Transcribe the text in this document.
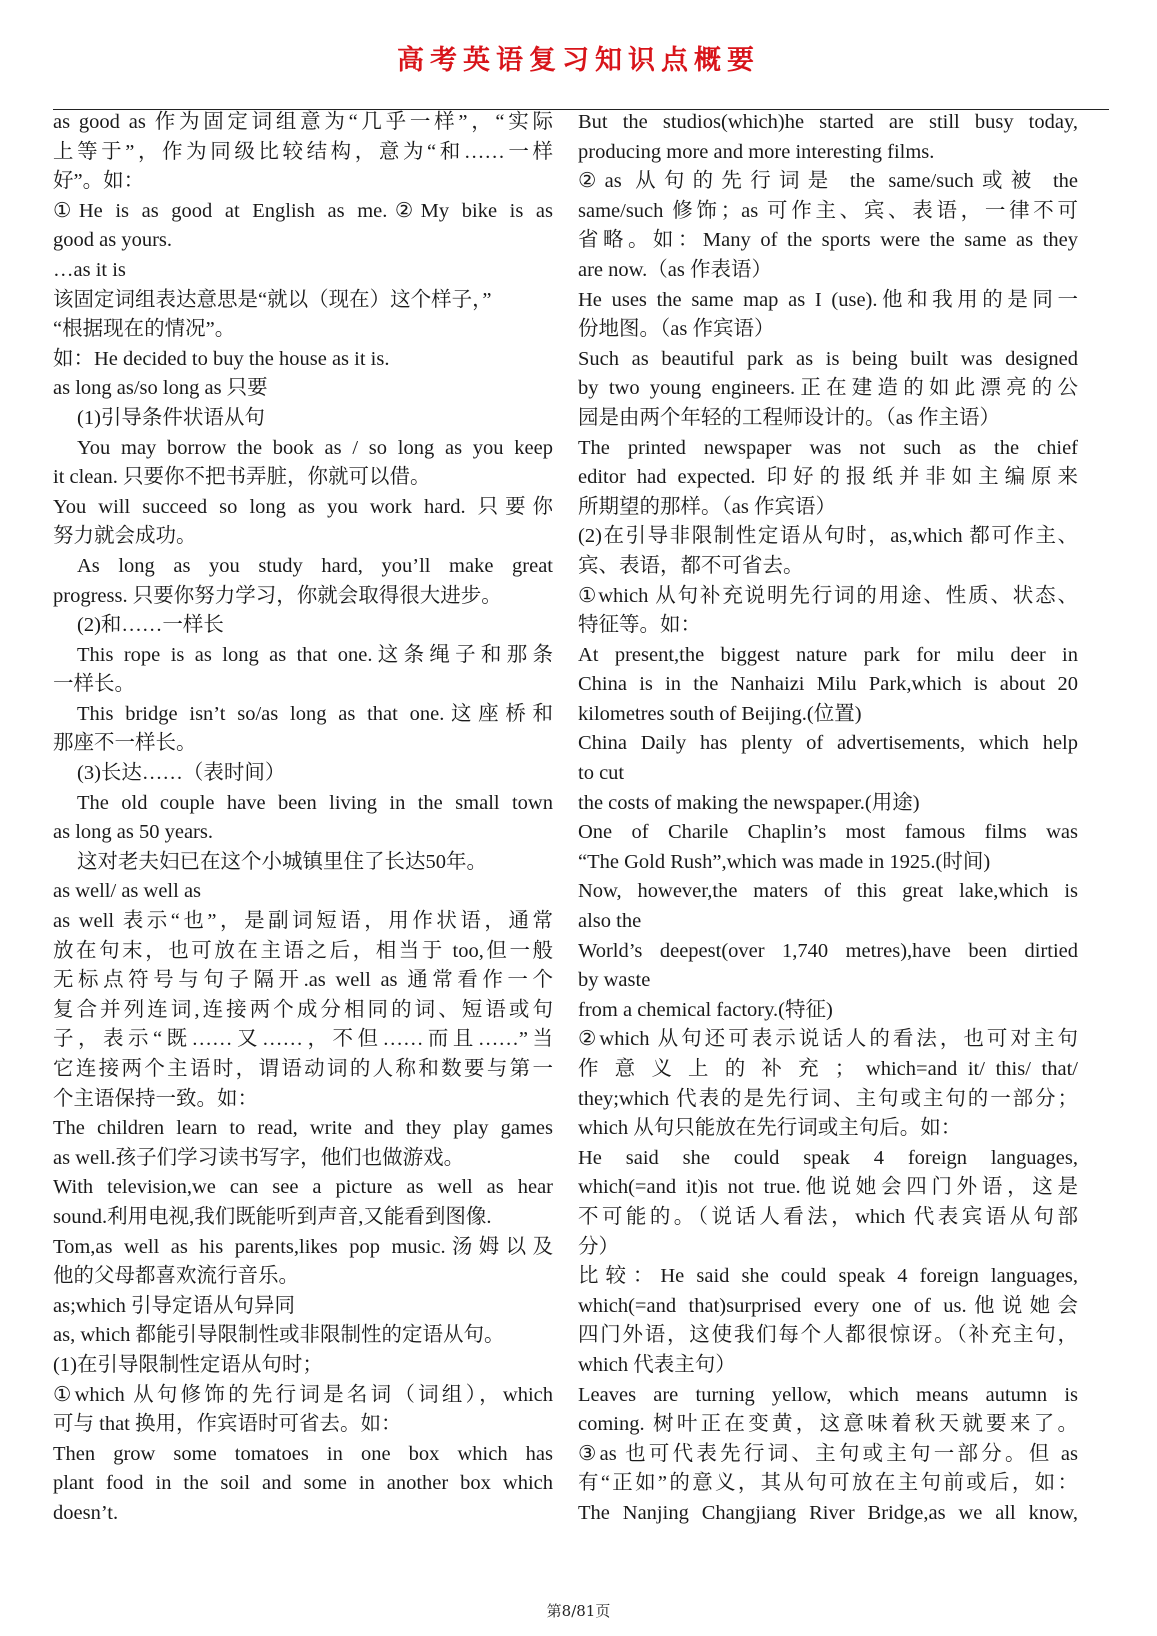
高考英语复习知识点概要
as good as 作为固定词组意为“几乎一样”，“实际
上等于”，作为同级比较结构，意为“和……一样
好”。如：
①He is as good at English as me.②My bike is as
good as yours.
…as it is
该固定词组表达意思是“就以（现在）这个样子，”
“根据现在的情况”。
如：He decided to buy the house as it is.
as long as/so long as 只要
(1)引导条件状语从句
You may borrow the book as / so long as you keep
it clean. 只要你不把书弄脏，你就可以借。
You will succeed so long as you work hard. 只要你
努力就会成功。
As long as you study hard, you’ll make great
progress. 只要你努力学习，你就会取得很大进步。
(2)和……一样长
This rope is as long as that one.这条绳子和那条
一样长。
This bridge isn’t so/as long as that one.这座桥和
那座不一样长。
(3)长达……（表时间）
The old couple have been living in the small town
as long as 50 years.
这对老夫妇已在这个小城镇里住了长达50年。
as well/ as well as
as well 表示“也”，是副词短语，用作状语，通常
放在句末，也可放在主语之后，相当于 too,但一般
无标点符号与句子隔开.as well as 通常看作一个
复合并列连词,连接两个成分相同的词、短语或句
子，表示“既……又……，不但……而且……”当
它连接两个主语时，谓语动词的人称和数要与第一
个主语保持一致。如：
The children learn to read, write and they play games
as well.孩子们学习读书写字，他们也做游戏。
With television,we can see a picture as well as hear
sound.利用电视,我们既能听到声音,又能看到图像.
Tom,as well as his parents,likes pop music.汤姆以及
他的父母都喜欢流行音乐。
as;which 引导定语从句异同
as, which 都能引导限制性或非限制性的定语从句。
(1)在引导限制性定语从句时；
①which 从句修饰的先行词是名词（词组），which
可与 that 换用，作宾语时可省去。如：
Then grow some tomatoes in one box which has
plant food in the soil and some in another box which
doesn’t.
But the studios(which)he started are still busy today,
producing more and more interesting films.
②as 从句的先行词是 the same/such或被 the
same/such 修饰；as 可作主、宾、表语，一律不可
省略。如：Many of the sports were the same as they
are now.（as 作表语）
He uses the same map as I (use).他和我用的是同一
份地图。（as 作宾语）
Such as beautiful park as is being built was designed
by two young engineers.正在建造的如此漂亮的公
园是由两个年轻的工程师设计的。（as 作主语）
The printed newspaper was not such as the chief
editor had expected. 印好的报纸并非如主编原来
所期望的那样。（as 作宾语）
(2)在引导非限制性定语从句时，as,which 都可作主、
宾、表语，都不可省去。
①which 从句补充说明先行词的用途、性质、状态、
特征等。如：
At present,the biggest nature park for milu deer in
China is in the Nanhaizi Milu Park,which is about 20
kilometres south of Beijing.(位置)
China Daily has plenty of advertisements, which help
to cut
the costs of making the newspaper.(用途)
One of Charile Chaplin’s most famous films was
“The Gold Rush”,which was made in 1925.(时间)
Now, however,the maters of this great lake,which is
also the
World’s deepest(over 1,740 metres),have been dirtied
by waste
from a chemical factory.(特征)
②which 从句还可表示说话人的看法，也可对主句
作 意 义 上 的 补 充 ； which=and it/ this/ that/
they;which 代表的是先行词、主句或主句的一部分；
which 从句只能放在先行词或主句后。如：
He said she could speak 4 foreign languages,
which(=and it)is not true.他说她会四门外语，这是
不可能的。（说话人看法，which 代表宾语从句部
分）
比较：He said she could speak 4 foreign languages,
which(=and that)surprised every one of us.他说她会
四门外语，这使我们每个人都很惊讶。（补充主句，
which 代表主句）
Leaves are turning yellow, which means autumn is
coming. 树叶正在变黄，这意味着秋天就要来了。
③as 也可代表先行词、主句或主句一部分。但 as
有“正如”的意义，其从句可放在主句前或后，如：
The Nanjing Changjiang River Bridge,as we all know,
第8/81页
